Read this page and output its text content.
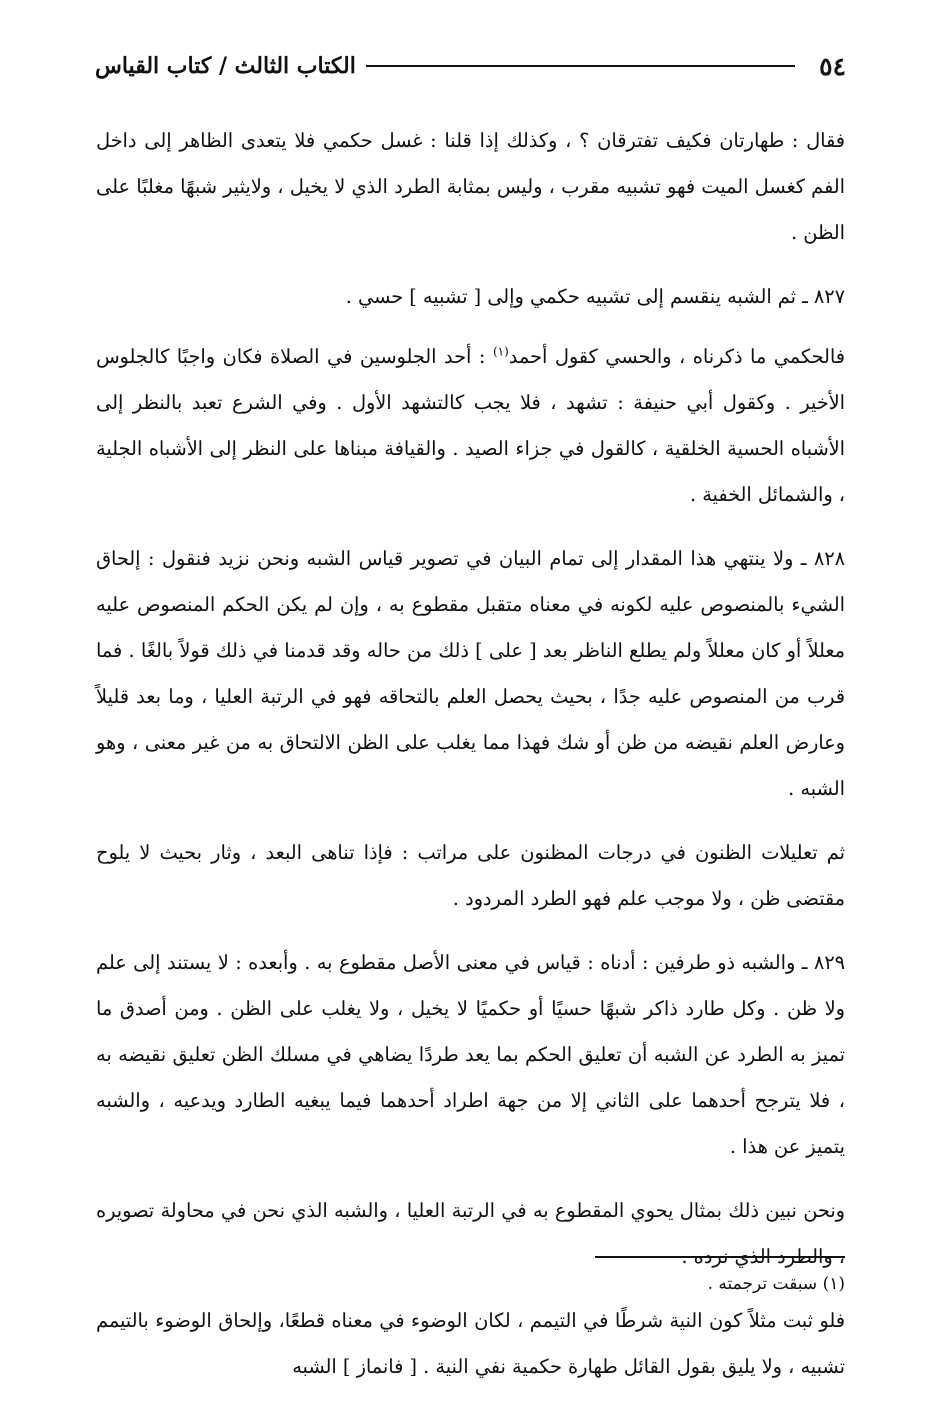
٥٤
الكتاب الثالث / كتاب القياس

فقال : طهارتان فكيف تفترقان ؟ ، وكذلك إذا قلنا : غسل حكمي فلا يتعدى الظاهر إلى داخل الفم كغسل الميت فهو تشبيه مقرب ، وليس بمثابة الطرد الذي لا يخيل ، ولايثير شبهًا مغلبًا على الظن .

٨٢٧ ـ ثم الشبه ينقسم إلى تشبيه حكمي وإلى [ تشبيه ] حسي .

فالحكمي ما ذكرناه ، والحسي كقول أحمد$^{(١)}$ : أحد الجلوسين في الصلاة فكان واجبًا كالجلوس الأخير . وكقول أبي حنيفة : تشهد ، فلا يجب كالتشهد الأول . وفي الشرع تعبد بالنظر إلى الأشباه الحسية الخلقية ، كالقول في جزاء الصيد . والقيافة مبناها على النظر إلى الأشباه الجلية ، والشمائل الخفية .

٨٢٨ ـ ولا ينتهي هذا المقدار إلى تمام البيان في تصوير قياس الشبه ونحن نزيد فنقول : إلحاق الشيء بالمنصوص عليه لكونه في معناه متقبل مقطوع به ، وإن لم يكن الحكم المنصوص عليه معللاً أو كان معللاً ولم يطلع الناظر بعد [ على ] ذلك من حاله وقد قدمنا في ذلك قولاً بالغًا . فما قرب من المنصوص عليه جدًا ، بحيث يحصل العلم بالتحاقه فهو في الرتبة العليا ، وما بعد قليلاً وعارض العلم نقيضه من ظن أو شك فهذا مما يغلب على الظن الالتحاق به من غير معنى ، وهو الشبه .

ثم تعليلات الظنون في درجات المظنون على مراتب : فإذا تناهى البعد ، وثار بحيث لا يلوح مقتضى ظن ، ولا موجب علم فهو الطرد المردود .

٨٢٩ ـ والشبه ذو طرفين : أدناه : قياس في معنى الأصل مقطوع به . وأبعده : لا يستند إلى علم ولا ظن . وكل طارد ذاكر شبهًا حسيًا أو حكميًا لا يخيل ، ولا يغلب على الظن . ومن أصدق ما تميز به الطرد عن الشبه أن تعليق الحكم بما يعد طردًا يضاهي في مسلك الظن تعليق نقيضه به ، فلا يترجح أحدهما على الثاني إلا من جهة اطراد أحدهما فيما يبغيه الطارد ويدعيه ، والشبه يتميز عن هذا .

ونحن نبين ذلك بمثال يحوي المقطوع به في الرتبة العليا ، والشبه الذي نحن في محاولة تصويره ، والطرد الذي نرده .

فلو ثبت مثلاً كون النية شرطًا في التيمم ، لكان الوضوء في معناه قطعًا، وإلحاق الوضوء بالتيمم تشبيه ، ولا يليق بقول القائل طهارة حكمية نفي النية . [ فانماز ] الشبه

(١) سبقت ترجمته .
